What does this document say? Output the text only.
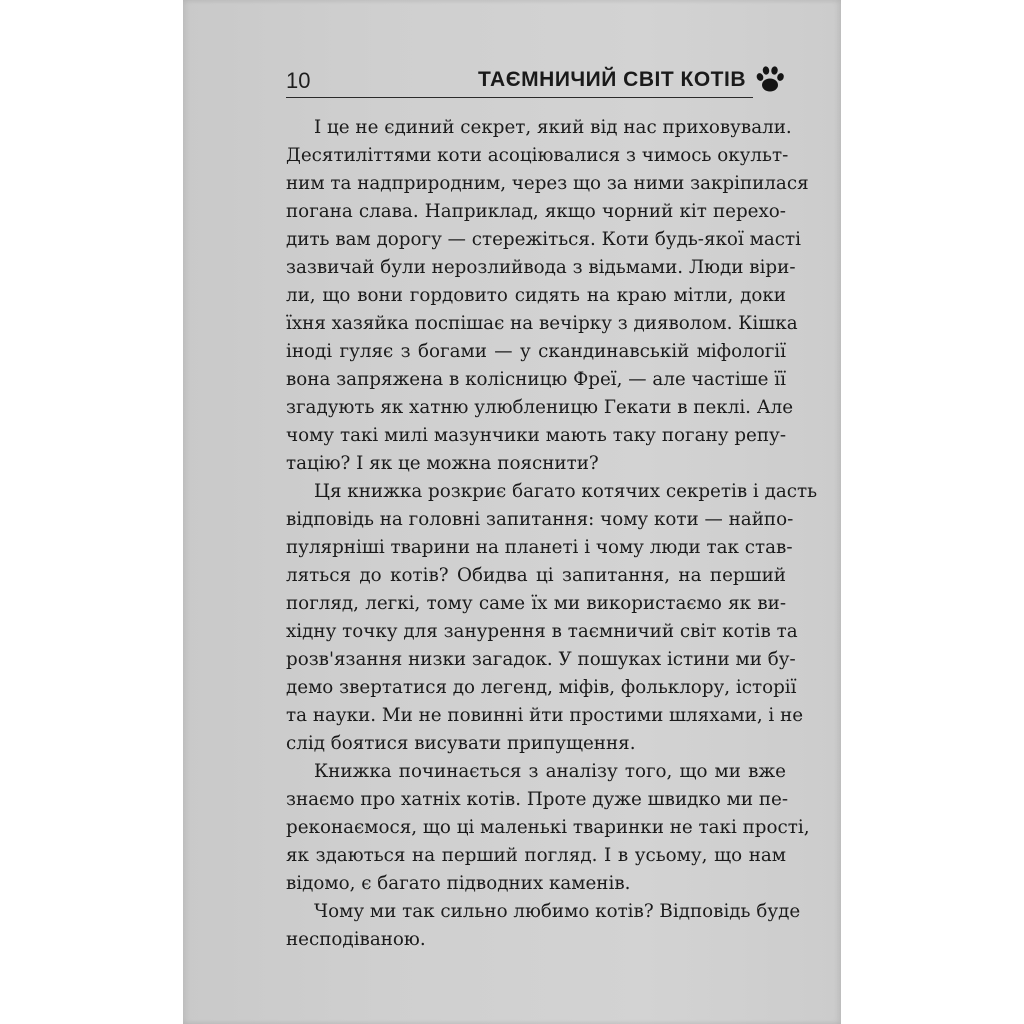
10	ТАЄМНИЧИЙ СВІТ КОТІВ
І це не єдиний секрет, який від нас приховували.
Десятиліттями коти асоціювалися з чимось окульт-
ним та надприродним, через що за ними закріпилася
погана слава. Наприклад, якщо чорний кіт перехо-
дить вам дорогу — стережіться. Коти будь-якої масті
зазвичай були нерозлийвода з відьмами. Люди віри-
ли, що вони гордовито сидять на краю мітли, доки
їхня хазяйка поспішає на вечірку з дияволом. Кішка
іноді гуляє з богами — у скандинавській міфології
вона запряжена в колісницю Фреї, — але частіше її
згадують як хатню улюбленицю Гекати в пеклі. Але
чому такі милі мазунчики мають таку погану репу-
тацію? І як це можна пояснити?
Ця книжка розкриє багато котячих секретів і дасть
відповідь на головні запитання: чому коти — найпо-
пулярніші тварини на планеті і чому люди так став-
ляться до котів? Обидва ці запитання, на перший
погляд, легкі, тому саме їх ми використаємо як ви-
хідну точку для занурення в таємничий світ котів та
розв'язання низки загадок. У пошуках істини ми бу-
демо звертатися до легенд, міфів, фольклору, історії
та науки. Ми не повинні йти простими шляхами, і не
слід боятися висувати припущення.
Книжка починається з аналізу того, що ми вже
знаємо про хатніх котів. Проте дуже швидко ми пе-
реконаємося, що ці маленькі тваринки не такі прості,
як здаються на перший погляд. І в усьому, що нам
відомо, є багато підводних каменів.
Чому ми так сильно любимо котів? Відповідь буде
несподіваною.
